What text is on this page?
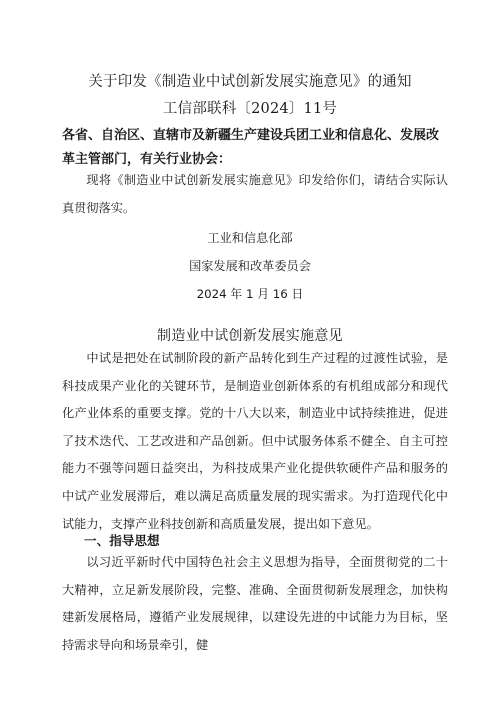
关于印发《制造业中试创新发展实施意见》的通知
工信部联科〔2024〕11号
各省、自治区、直辖市及新疆生产建设兵团工业和信息化、发展改革主管部门，有关行业协会：
现将《制造业中试创新发展实施意见》印发给你们，请结合实际认真贯彻落实。
工业和信息化部
国家发展和改革委员会
2024 年 1 月 16 日
制造业中试创新发展实施意见
中试是把处在试制阶段的新产品转化到生产过程的过渡性试验，是科技成果产业化的关键环节，是制造业创新体系的有机组成部分和现代化产业体系的重要支撑。党的十八大以来，制造业中试持续推进，促进了技术迭代、工艺改进和产品创新。但中试服务体系不健全、自主可控能力不强等问题日益突出，为科技成果产业化提供软硬件产品和服务的中试产业发展滞后，难以满足高质量发展的现实需求。为打造现代化中试能力，支撑产业科技创新和高质量发展，提出如下意见。
一、指导思想
以习近平新时代中国特色社会主义思想为指导，全面贯彻党的二十大精神，立足新发展阶段，完整、准确、全面贯彻新发展理念，加快构建新发展格局，遵循产业发展规律，以建设先进的中试能力为目标，坚持需求导向和场景牵引，健
